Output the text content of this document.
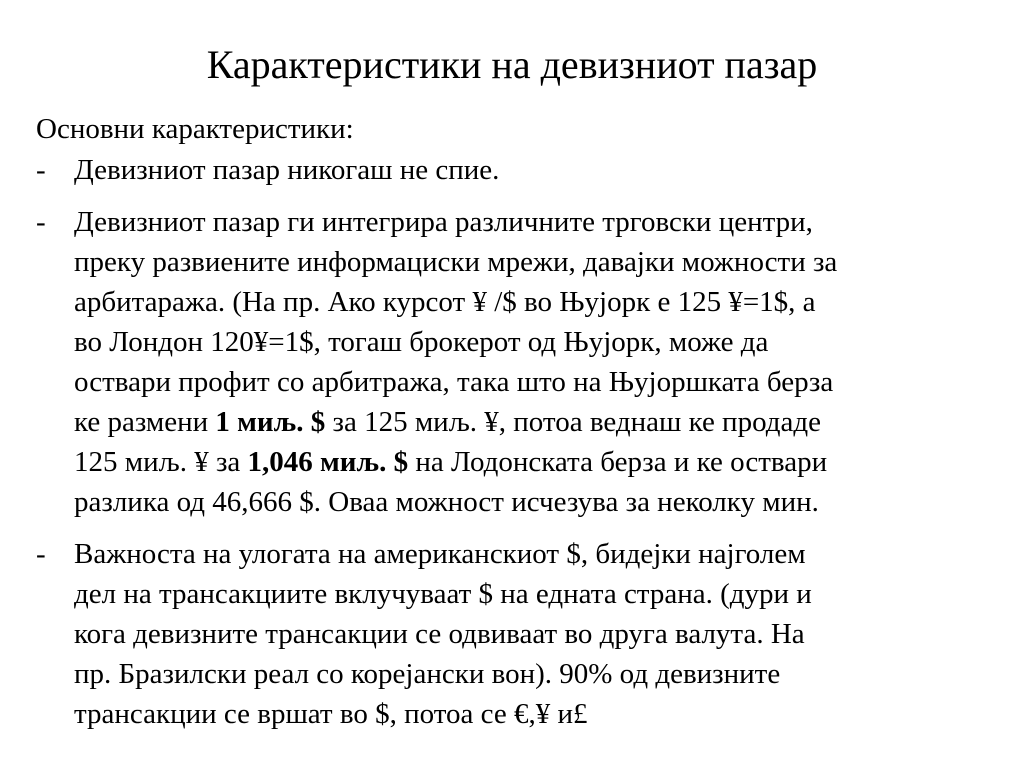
Карактеристики на девизниот пазар
Основни карактеристики:
- Девизниот пазар никогаш не спие.
- Девизниот пазар ги интегрира различните трговски центри,
преку развиените информациски мрежи, давајки можности за
арбитаража. (На пр. Ако курсот ¥ /$ во Њујорк е 125 ¥=1$, а
во Лондон 120¥=1$, тогаш брокерот од Њујорк, може да
оствари профит со арбитража, така што на Њујоршката берза
ке размени 1 миљ. $ за 125 миљ. ¥, потоа веднаш ке продаде
125 миљ. ¥ за 1,046 миљ. $ на Лодонската берза и ке оствари
разлика од 46,666 $. Оваа можност исчезува за неколку мин.
- Важноста на улогата на американскиот $, бидејки најголем
дел на трансакциите вклучуваат $ на едната страна. (дури и
кога девизните трансакции се одвиваат во друга валута. На
пр. Бразилски реал со корејански вон). 90% од девизните
трансакции се вршат во $, потоа се €,¥ и£
